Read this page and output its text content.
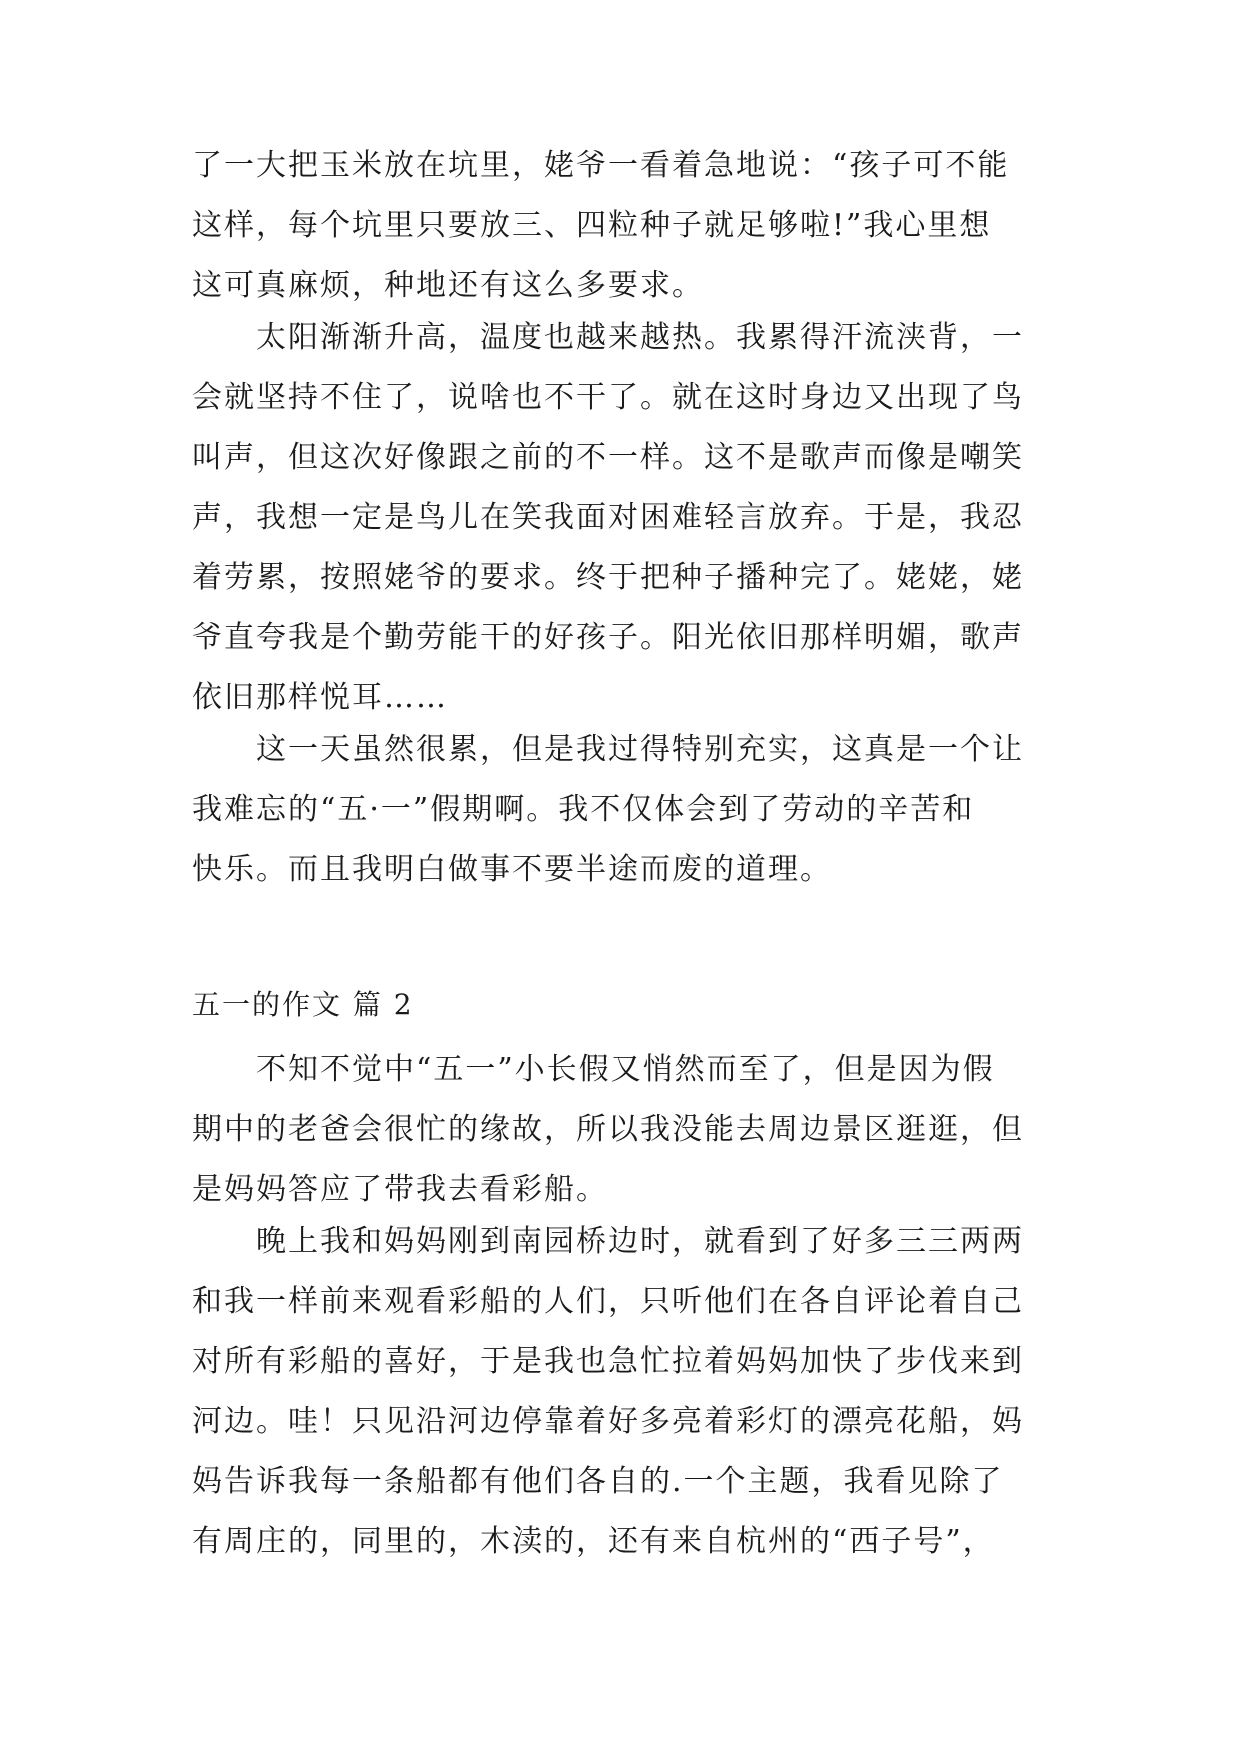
了一大把玉米放在坑里，姥爷一看着急地说：“孩子可不能
这样，每个坑里只要放三、四粒种子就足够啦!”我心里想
这可真麻烦，种地还有这么多要求。
太阳渐渐升高，温度也越来越热。我累得汗流浃背，一
会就坚持不住了，说啥也不干了。就在这时身边又出现了鸟
叫声，但这次好像跟之前的不一样。这不是歌声而像是嘲笑
声，我想一定是鸟儿在笑我面对困难轻言放弃。于是，我忍
着劳累，按照姥爷的要求。终于把种子播种完了。姥姥，姥
爷直夸我是个勤劳能干的好孩子。阳光依旧那样明媚，歌声
依旧那样悦耳……
这一天虽然很累，但是我过得特别充实，这真是一个让
我难忘的“五·一”假期啊。我不仅体会到了劳动的辛苦和
快乐。而且我明白做事不要半途而废的道理。
五一的作文 篇 2
不知不觉中“五一”小长假又悄然而至了，但是因为假
期中的老爸会很忙的缘故，所以我没能去周边景区逛逛，但
是妈妈答应了带我去看彩船。
晚上我和妈妈刚到南园桥边时，就看到了好多三三两两
和我一样前来观看彩船的人们，只听他们在各自评论着自己
对所有彩船的喜好，于是我也急忙拉着妈妈加快了步伐来到
河边。哇！只见沿河边停靠着好多亮着彩灯的漂亮花船，妈
妈告诉我每一条船都有他们各自的.一个主题，我看见除了
有周庄的，同里的，木渎的，还有来自杭州的“西子号”，
